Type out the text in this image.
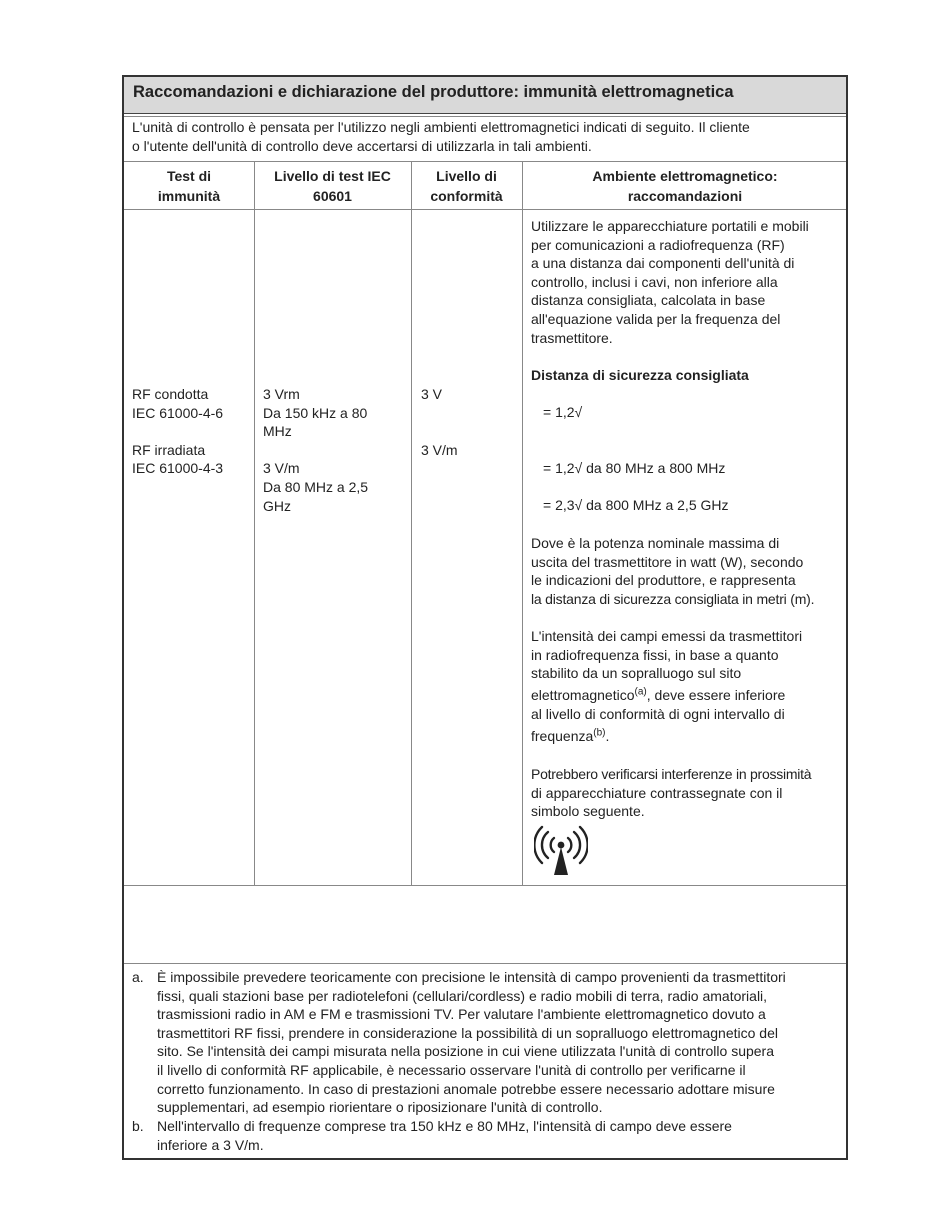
Raccomandazioni e dichiarazione del produttore: immunità elettromagnetica
L'unità di controllo è pensata per l'utilizzo negli ambienti elettromagnetici indicati di seguito. Il cliente
o l'utente dell'unità di controllo deve accertarsi di utilizzarla in tali ambienti.
Test di
immunità
Livello di test IEC
60601
Livello di
conformità
Ambiente elettromagnetico:
raccomandazioni
RF condotta
IEC 61000-4-6
RF irradiata
IEC 61000-4-3
3 Vrm
Da 150 kHz a 80
MHz
3 V/m
Da 80 MHz a 2,5
GHz
3 V
3 V/m
Utilizzare le apparecchiature portatili e mobili
per comunicazioni a radiofrequenza (RF)
a una distanza dai componenti dell'unità di
controllo, inclusi i cavi, non inferiore alla
distanza consigliata, calcolata in base
all'equazione valida per la frequenza del
trasmettitore.
Distanza di sicurezza consigliata
= 1,2√
= 1,2√ da 80 MHz a 800 MHz
= 2,3√ da 800 MHz a 2,5 GHz
Dove è la potenza nominale massima di
uscita del trasmettitore in watt (W), secondo
le indicazioni del produttore, e rappresenta
la distanza di sicurezza consigliata in metri (m).
L'intensità dei campi emessi da trasmettitori
in radiofrequenza fissi, in base a quanto
stabilito da un sopralluogo sul sito
elettromagnetico$^{(a)}$, deve essere inferiore
al livello di conformità di ogni intervallo di
frequenza$^{(b)}$.
Potrebbero verificarsi interferenze in prossimità
di apparecchiature contrassegnate con il
simbolo seguente.
a. È impossibile prevedere teoricamente con precisione le intensità di campo provenienti da trasmettitori
fissi, quali stazioni base per radiotelefoni (cellulari/cordless) e radio mobili di terra, radio amatoriali,
trasmissioni radio in AM e FM e trasmissioni TV. Per valutare l'ambiente elettromagnetico dovuto a
trasmettitori RF fissi, prendere in considerazione la possibilità di un sopralluogo elettromagnetico del
sito. Se l'intensità dei campi misurata nella posizione in cui viene utilizzata l'unità di controllo supera
il livello di conformità RF applicabile, è necessario osservare l'unità di controllo per verificarne il
corretto funzionamento. In caso di prestazioni anomale potrebbe essere necessario adottare misure
supplementari, ad esempio riorientare o riposizionare l'unità di controllo.
b. Nell'intervallo di frequenze comprese tra 150 kHz e 80 MHz, l'intensità di campo deve essere
inferiore a 3 V/m.
